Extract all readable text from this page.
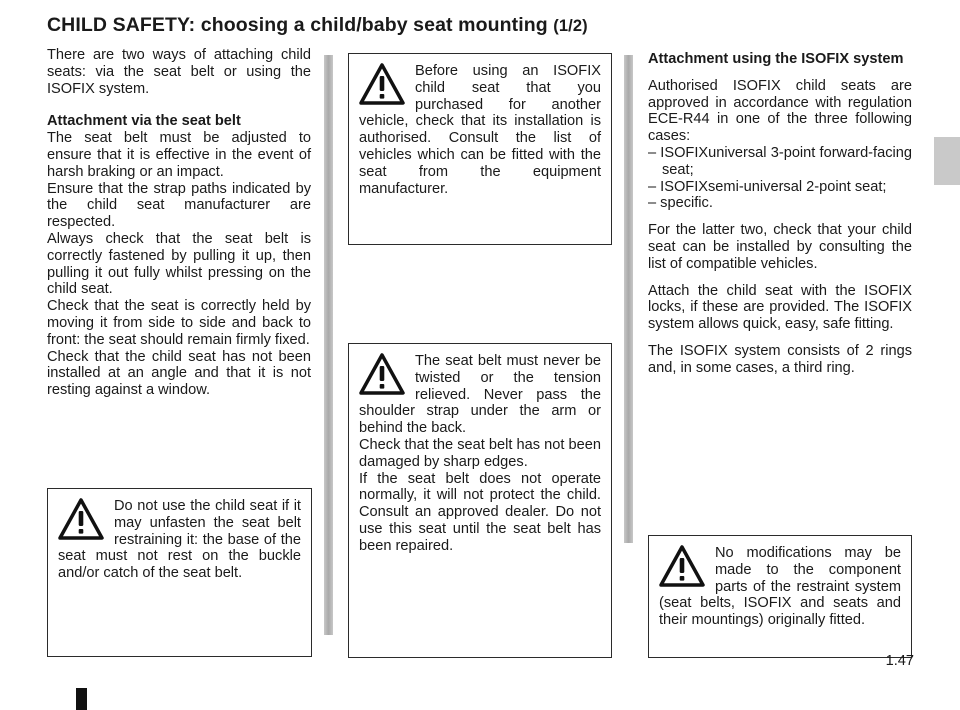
CHILD SAFETY: choosing a child/baby seat mounting (1/2)

There are two ways of attaching child seats: via the seat belt or using the ISOFIX system.

Attachment via the seat belt

The seat belt must be adjusted to ensure that it is effective in the event of harsh braking or an impact.

Ensure that the strap paths indicated by the child seat manufacturer are respected.

Always check that the seat belt is correctly fastened by pulling it up, then pulling it out fully whilst pressing on the child seat.

Check that the seat is correctly held by moving it from side to side and back to front: the seat should remain firmly fixed.

Check that the child seat has not been installed at an angle and that it is not resting against a window.

Do not use the child seat if it may unfasten the seat belt restraining it: the base of the seat must not rest on the buckle and/or catch of the seat belt.

Before using an ISOFIX child seat that you purchased for another vehicle, check that its installation is authorised. Consult the list of vehicles which can be fitted with the seat from the equipment manufacturer.

The seat belt must never be twisted or the tension relieved. Never pass the shoulder strap under the arm or behind the back.

Check that the seat belt has not been damaged by sharp edges.

If the seat belt does not operate normally, it will not protect the child. Consult an approved dealer. Do not use this seat until the seat belt has been repaired.

Attachment using the ISOFIX system

Authorised ISOFIX child seats are approved in accordance with regulation ECE-R44 in one of the three following cases:

– ISOFIXuniversal 3-point forward-facing seat;

– ISOFIXsemi-universal 2-point seat;

– specific.

For the latter two, check that your child seat can be installed by consulting the list of compatible vehicles.

Attach the child seat with the ISOFIX locks, if these are provided. The ISOFIX system allows quick, easy, safe fitting.

The ISOFIX system consists of 2 rings and, in some cases, a third ring.

No modifications may be made to the component parts of the restraint system (seat belts, ISOFIX and seats and their mountings) originally fitted.

1.47
